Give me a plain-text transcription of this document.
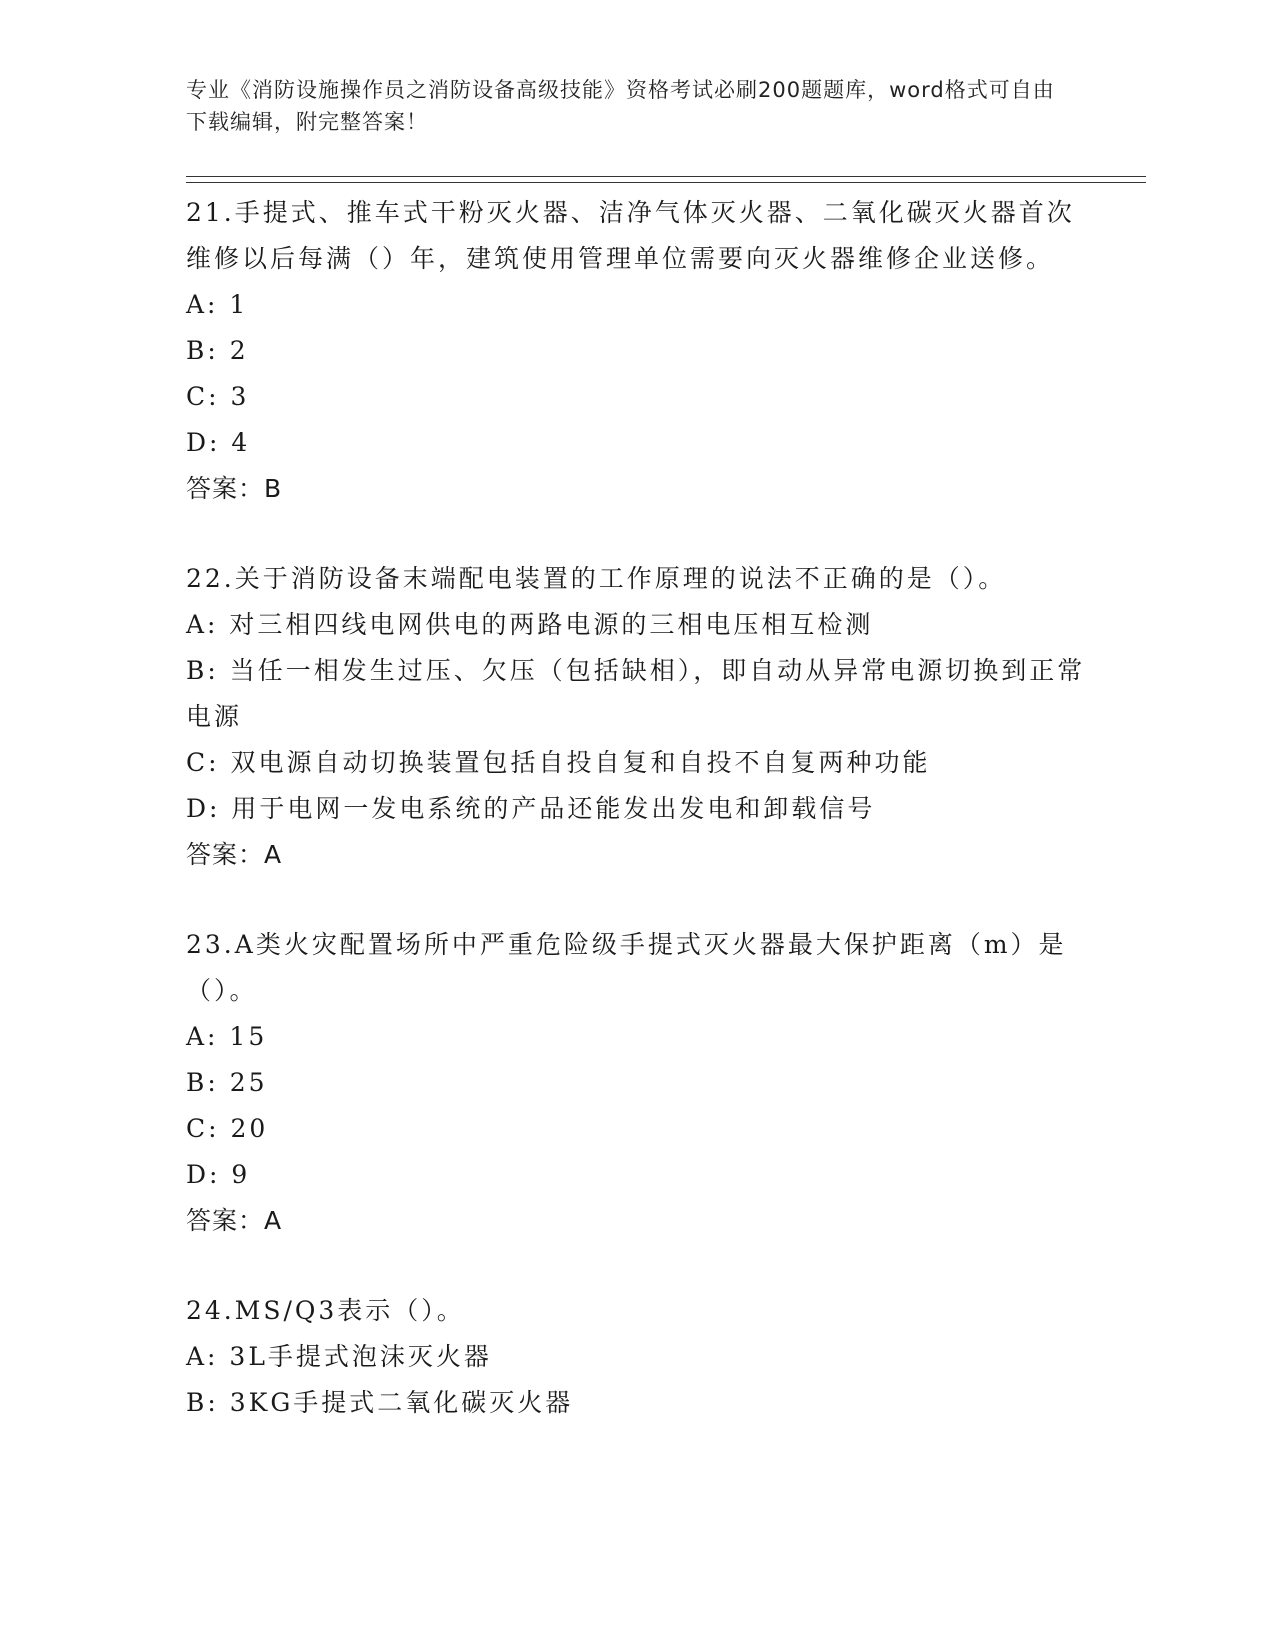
专业《消防设施操作员之消防设备高级技能》资格考试必刷200题题库，word格式可自由下载编辑，附完整答案！

21.手提式、推车式干粉灭火器、洁净气体灭火器、二氧化碳灭火器首次维修以后每满（）年，建筑使用管理单位需要向灭火器维修企业送修。

A: 1

B: 2

C: 3

D: 4

答案：B

22.关于消防设备末端配电装置的工作原理的说法不正确的是（）。

A: 对三相四线电网供电的两路电源的三相电压相互检测

B: 当任一相发生过压、欠压（包括缺相），即自动从异常电源切换到正常电源

C: 双电源自动切换装置包括自投自复和自投不自复两种功能

D: 用于电网一发电系统的产品还能发出发电和卸载信号

答案：A

23.A类火灾配置场所中严重危险级手提式灭火器最大保护距离（m）是（）。

A: 15

B: 25

C: 20

D: 9

答案：A

24.MS/Q3表示（）。

A: 3L手提式泡沫灭火器

B: 3KG手提式二氧化碳灭火器
